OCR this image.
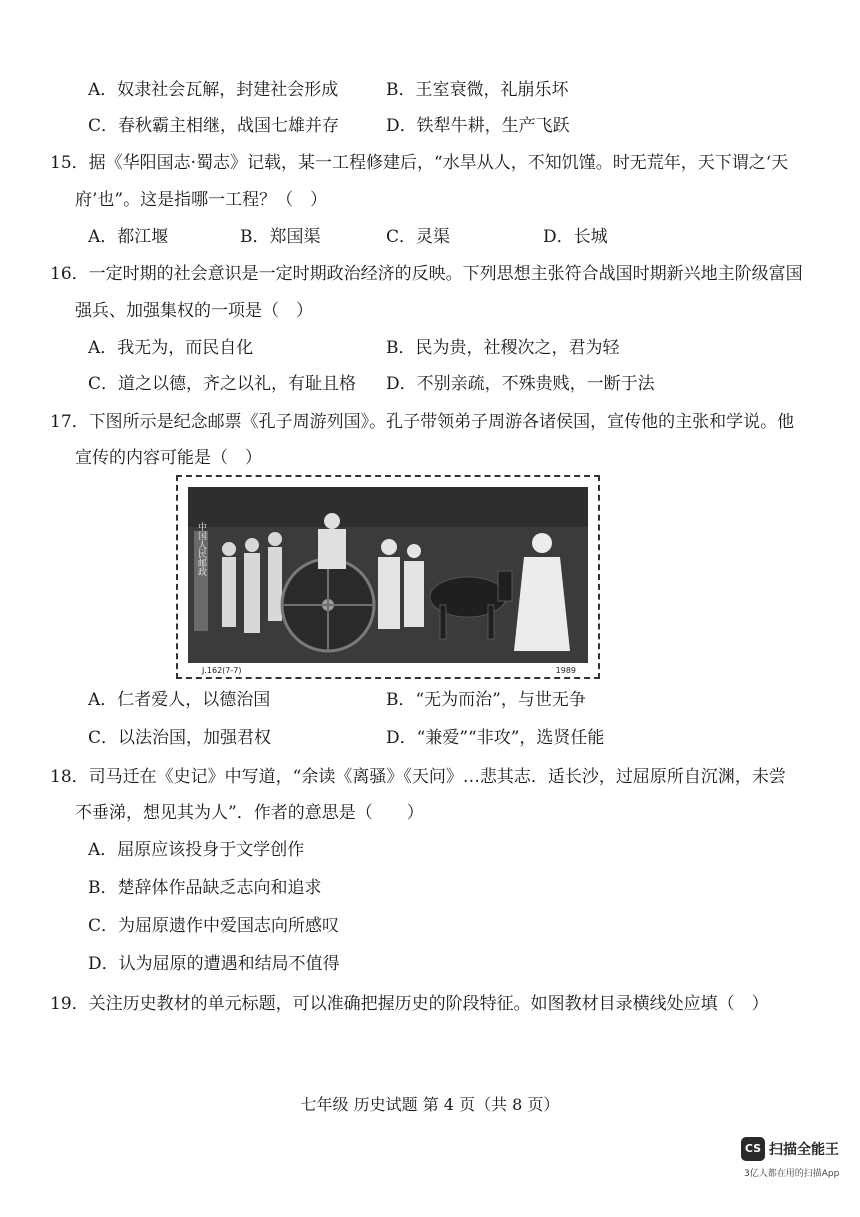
A．奴隶社会瓦解，封建社会形成	B．王室衰微，礼崩乐坏
C．春秋霸主相继，战国七雄并存	D．铁犁牛耕，生产飞跃
15．据《华阳国志·蜀志》记载，某一工程修建后，“水旱从人，不知饥馑。时无荒年，天下谓之‘天
府’也”。这是指哪一工程？（　）
A．都江堰	B．郑国渠	C．灵渠	D．长城
16．一定时期的社会意识是一定时期政治经济的反映。下列思想主张符合战国时期新兴地主阶级富国
强兵、加强集权的一项是（　）
A．我无为，而民自化	B．民为贵，社稷次之，君为轻
C．道之以德，齐之以礼，有耻且格 D．不别亲疏，不殊贵贱，一断于法
17．下图所示是纪念邮票《孔子周游列国》。孔子带领弟子周游各诸侯国，宣传他的主张和学说。他
宣传的内容可能是（　）
中国人民邮政
J.162(7-7)	1989
A．仁者爱人，以德治国	B．“无为而治”，与世无争
C．以法治国，加强君权	D．“兼爱”“非攻”，选贤任能
18．司马迁在《史记》中写道，“余读《离骚》《天问》…悲其志．适长沙，过屈原所自沉渊，未尝
不垂涕，想见其为人”．作者的意思是（　　）
A．屈原应该投身于文学创作
B．楚辞体作品缺乏志向和追求
C．为屈原遗作中爱国志向所感叹
D．认为屈原的遭遇和结局不值得
19．关注历史教材的单元标题，可以准确把握历史的阶段特征。如图教材目录横线处应填（　）
七年级 历史试题 第 4 页（共 8 页）
CS 扫描全能王
3亿人都在用的扫描App
